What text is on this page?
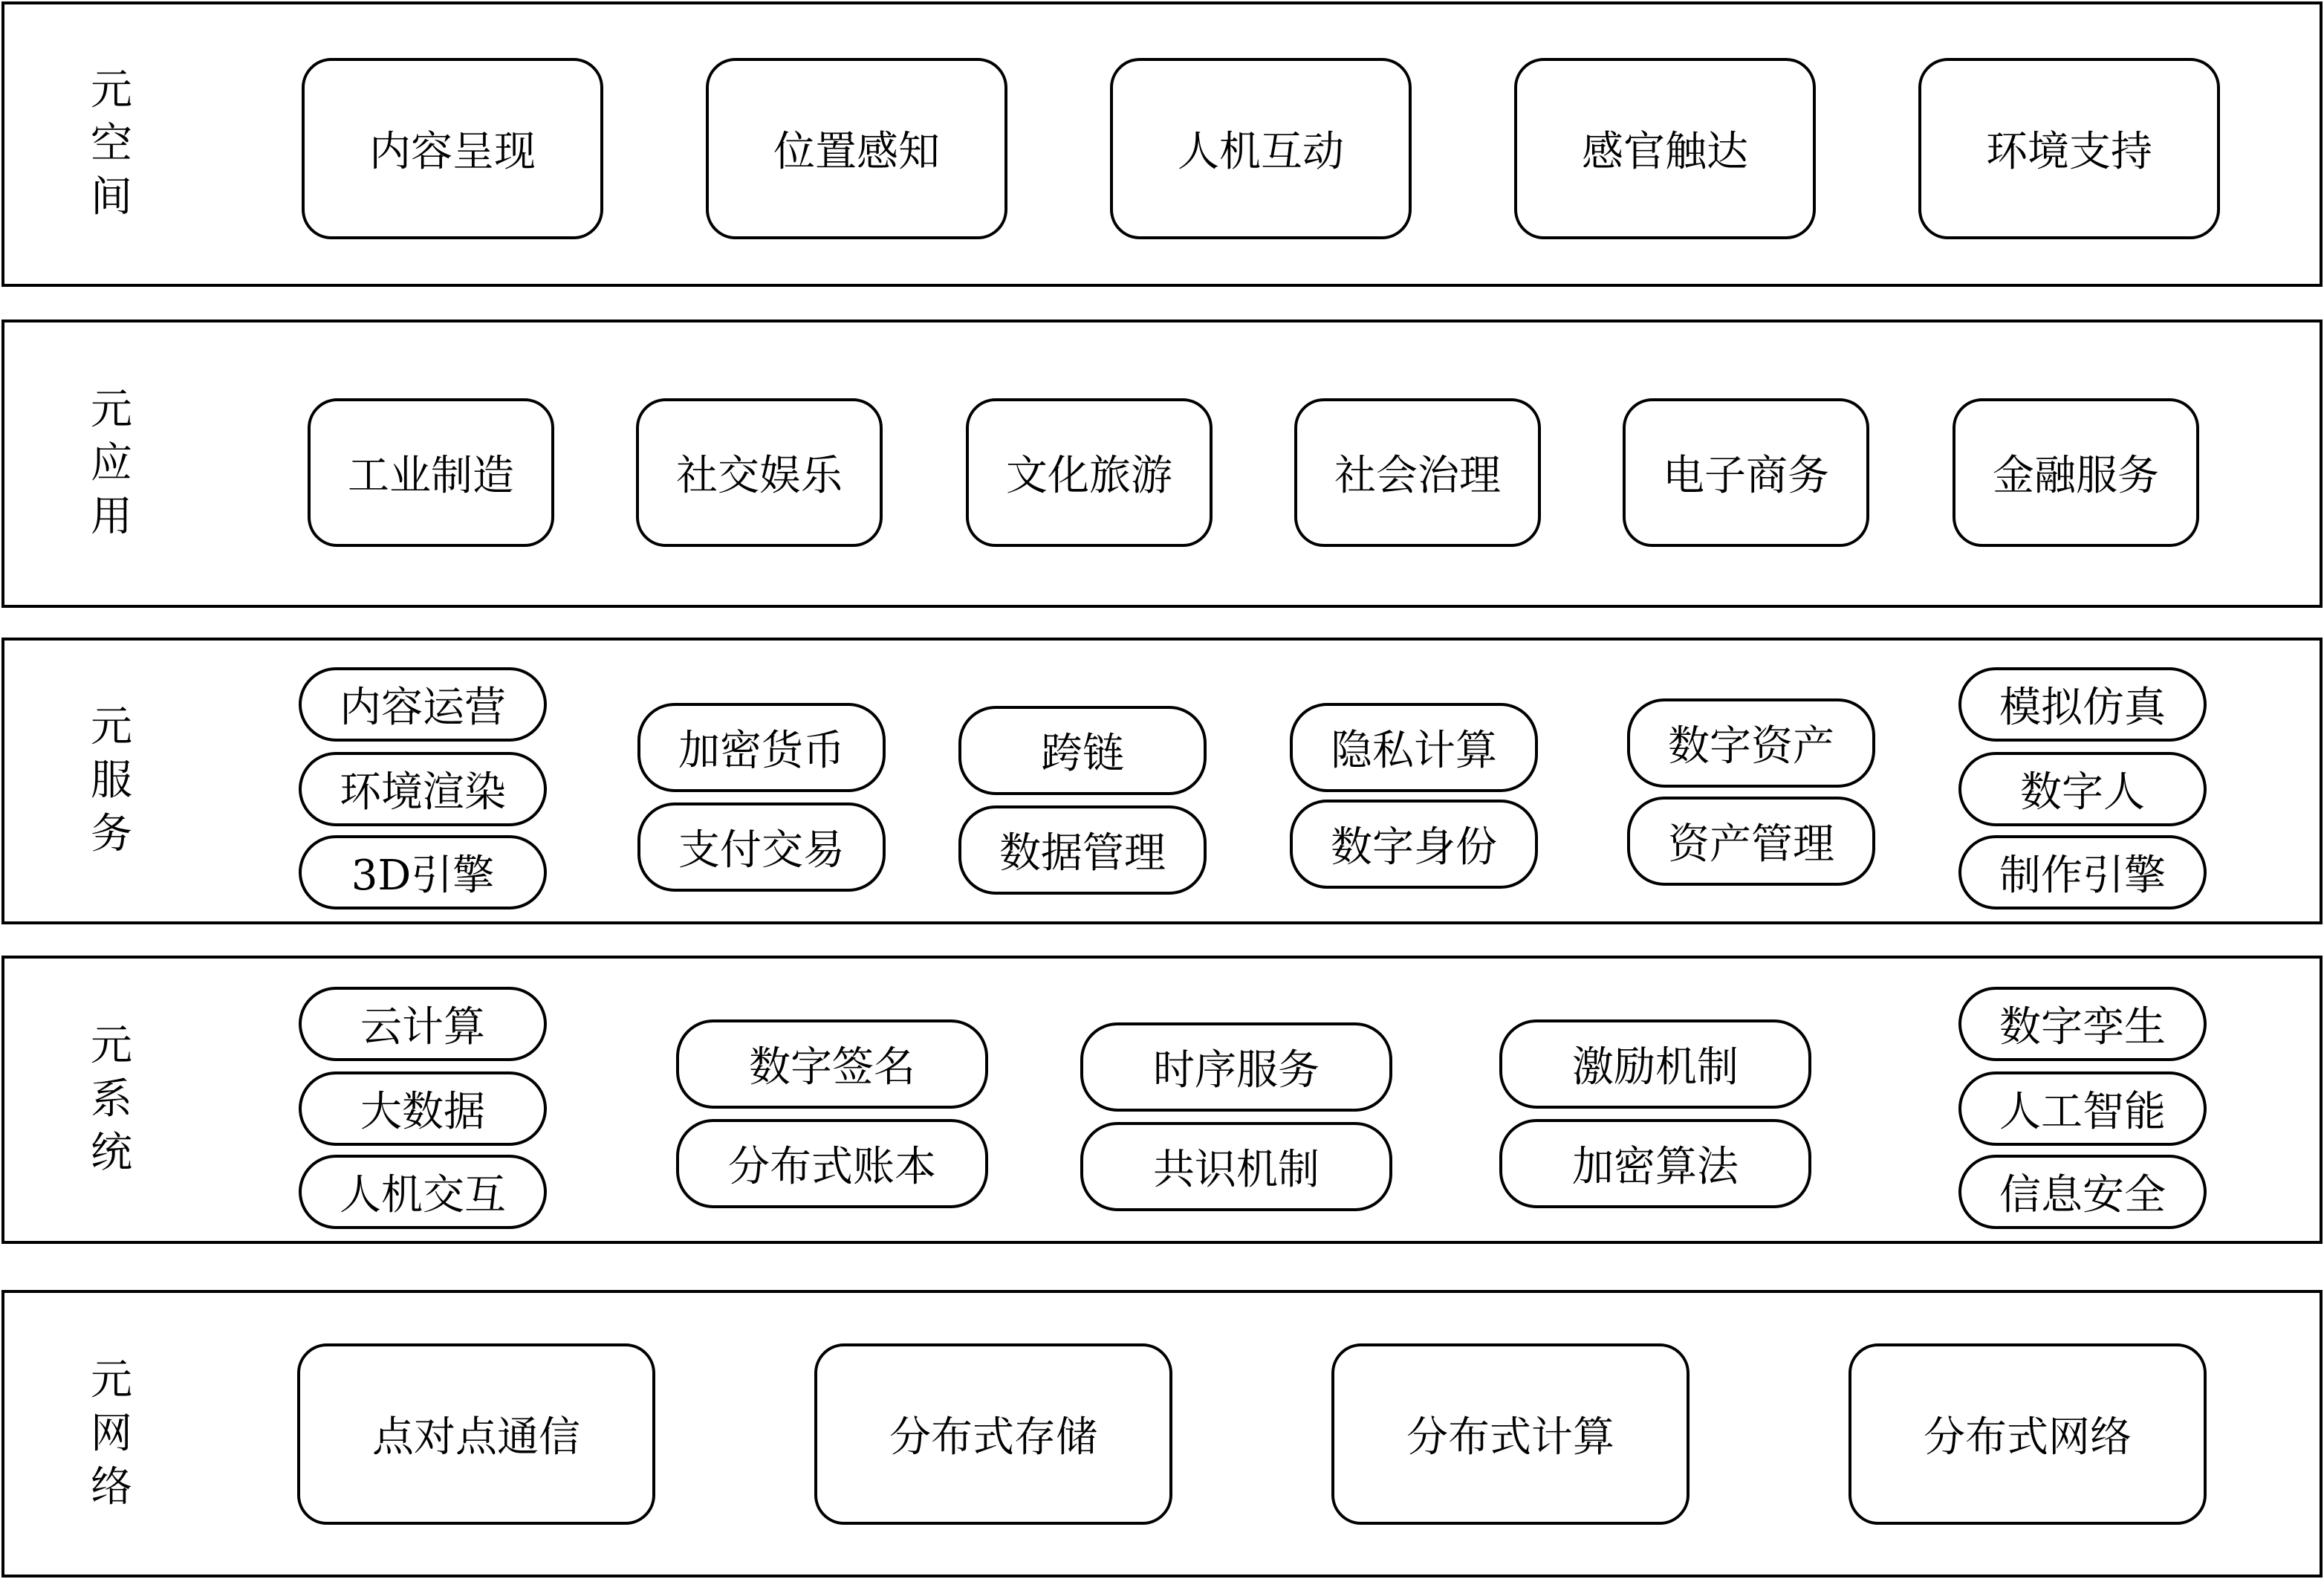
元
空
间
内容呈现	位置感知	人机互动	感官触达	环境支持
元
应
用
工业制造	社交娱乐	文化旅游	社会治理	电子商务	金融服务
元
服
务
内容运营
环境渲染
3D引擎
加密货币
支付交易
跨链
数据管理
隐私计算
数字身份
数字资产
资产管理
模拟仿真
数字人
制作引擎
元
系
统
云计算
大数据
人机交互
数字签名
分布式账本
时序服务
共识机制
激励机制
加密算法
数字孪生
人工智能
信息安全
元
网
络
点对点通信	分布式存储	分布式计算	分布式网络
